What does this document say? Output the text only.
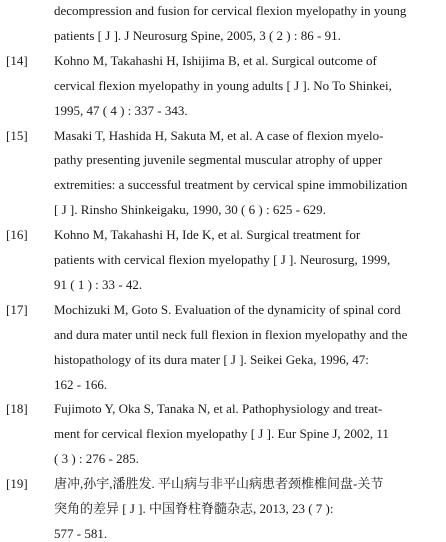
decompression and fusion for cervical flexion myelopathy in young
patients [ J ]. J Neurosurg Spine, 2005, 3 ( 2 ) : 86 - 91.
[14] Kohno M, Takahashi H, Ishijima B, et al. Surgical outcome of
cervical flexion myelopathy in young adults [ J ]. No To Shinkei,
1995, 47 ( 4 ) : 337 - 343.
[15] Masaki T, Hashida H, Sakuta M, et al. A case of flexion myelo-
pathy presenting juvenile segmental muscular atrophy of upper
extremities: a successful treatment by cervical spine immobilization
[ J ]. Rinsho Shinkeigaku, 1990, 30 ( 6 ) : 625 - 629.
[16] Kohno M, Takahashi H, Ide K, et al. Surgical treatment for
patients with cervical flexion myelopathy [ J ]. Neurosurg, 1999,
91 ( 1 ) : 33 - 42.
[17] Mochizuki M, Goto S. Evaluation of the dynamicity of spinal cord
and dura mater until neck full flexion in flexion myelopathy and the
histopathology of its dura mater [ J ]. Seikei Geka, 1996, 47:
162 - 166.
[18] Fujimoto Y, Oka S, Tanaka N, et al. Pathophysiology and treat-
ment for cervical flexion myelopathy [ J ]. Eur Spine J, 2002, 11
( 3 ) : 276 - 285.
[19] 唐冲,孙宇,潘胜发. 平山病与非平山病患者颈椎椎间盘-关节
突角的差异 [ J ]. 中国脊柱脊髓杂志, 2013, 23 ( 7 ):
577 - 581.
